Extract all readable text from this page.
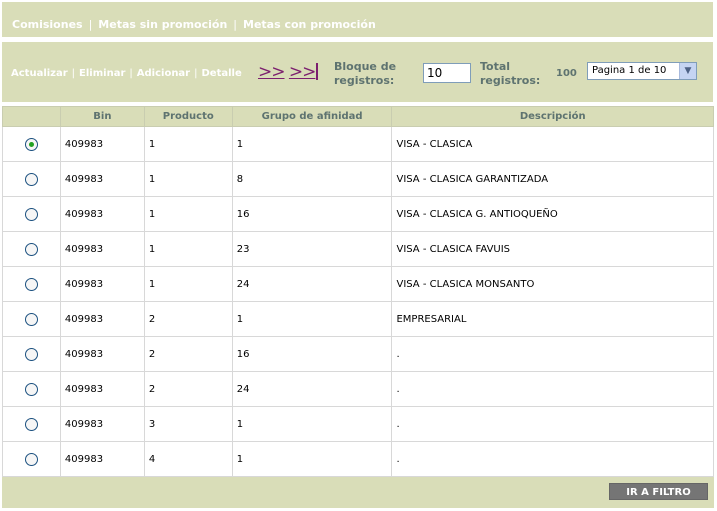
Comisiones | Metas sin promoción | Metas con promoción
Actualizar | Eliminar | Adicionar | Detalle >> >> Bloque de
registros:
10
Total
registros:
100 Pagina 1 de 10	▼
	Bin	Producto	Grupo de afinidad	Descripción
	409983	1	1	VISA - CLASICA
	409983	1	8	VISA - CLASICA GARANTIZADA
	409983	1	16	VISA - CLASICA G. ANTIOQUEÑO
	409983	1	23	VISA - CLASICA FAVUIS
	409983	1	24	VISA - CLASICA MONSANTO
	409983	2	1	EMPRESARIAL
	409983	2	16	.
	409983	2	24	.
	409983	3	1	.
	409983	4	1	.
IR A FILTRO
